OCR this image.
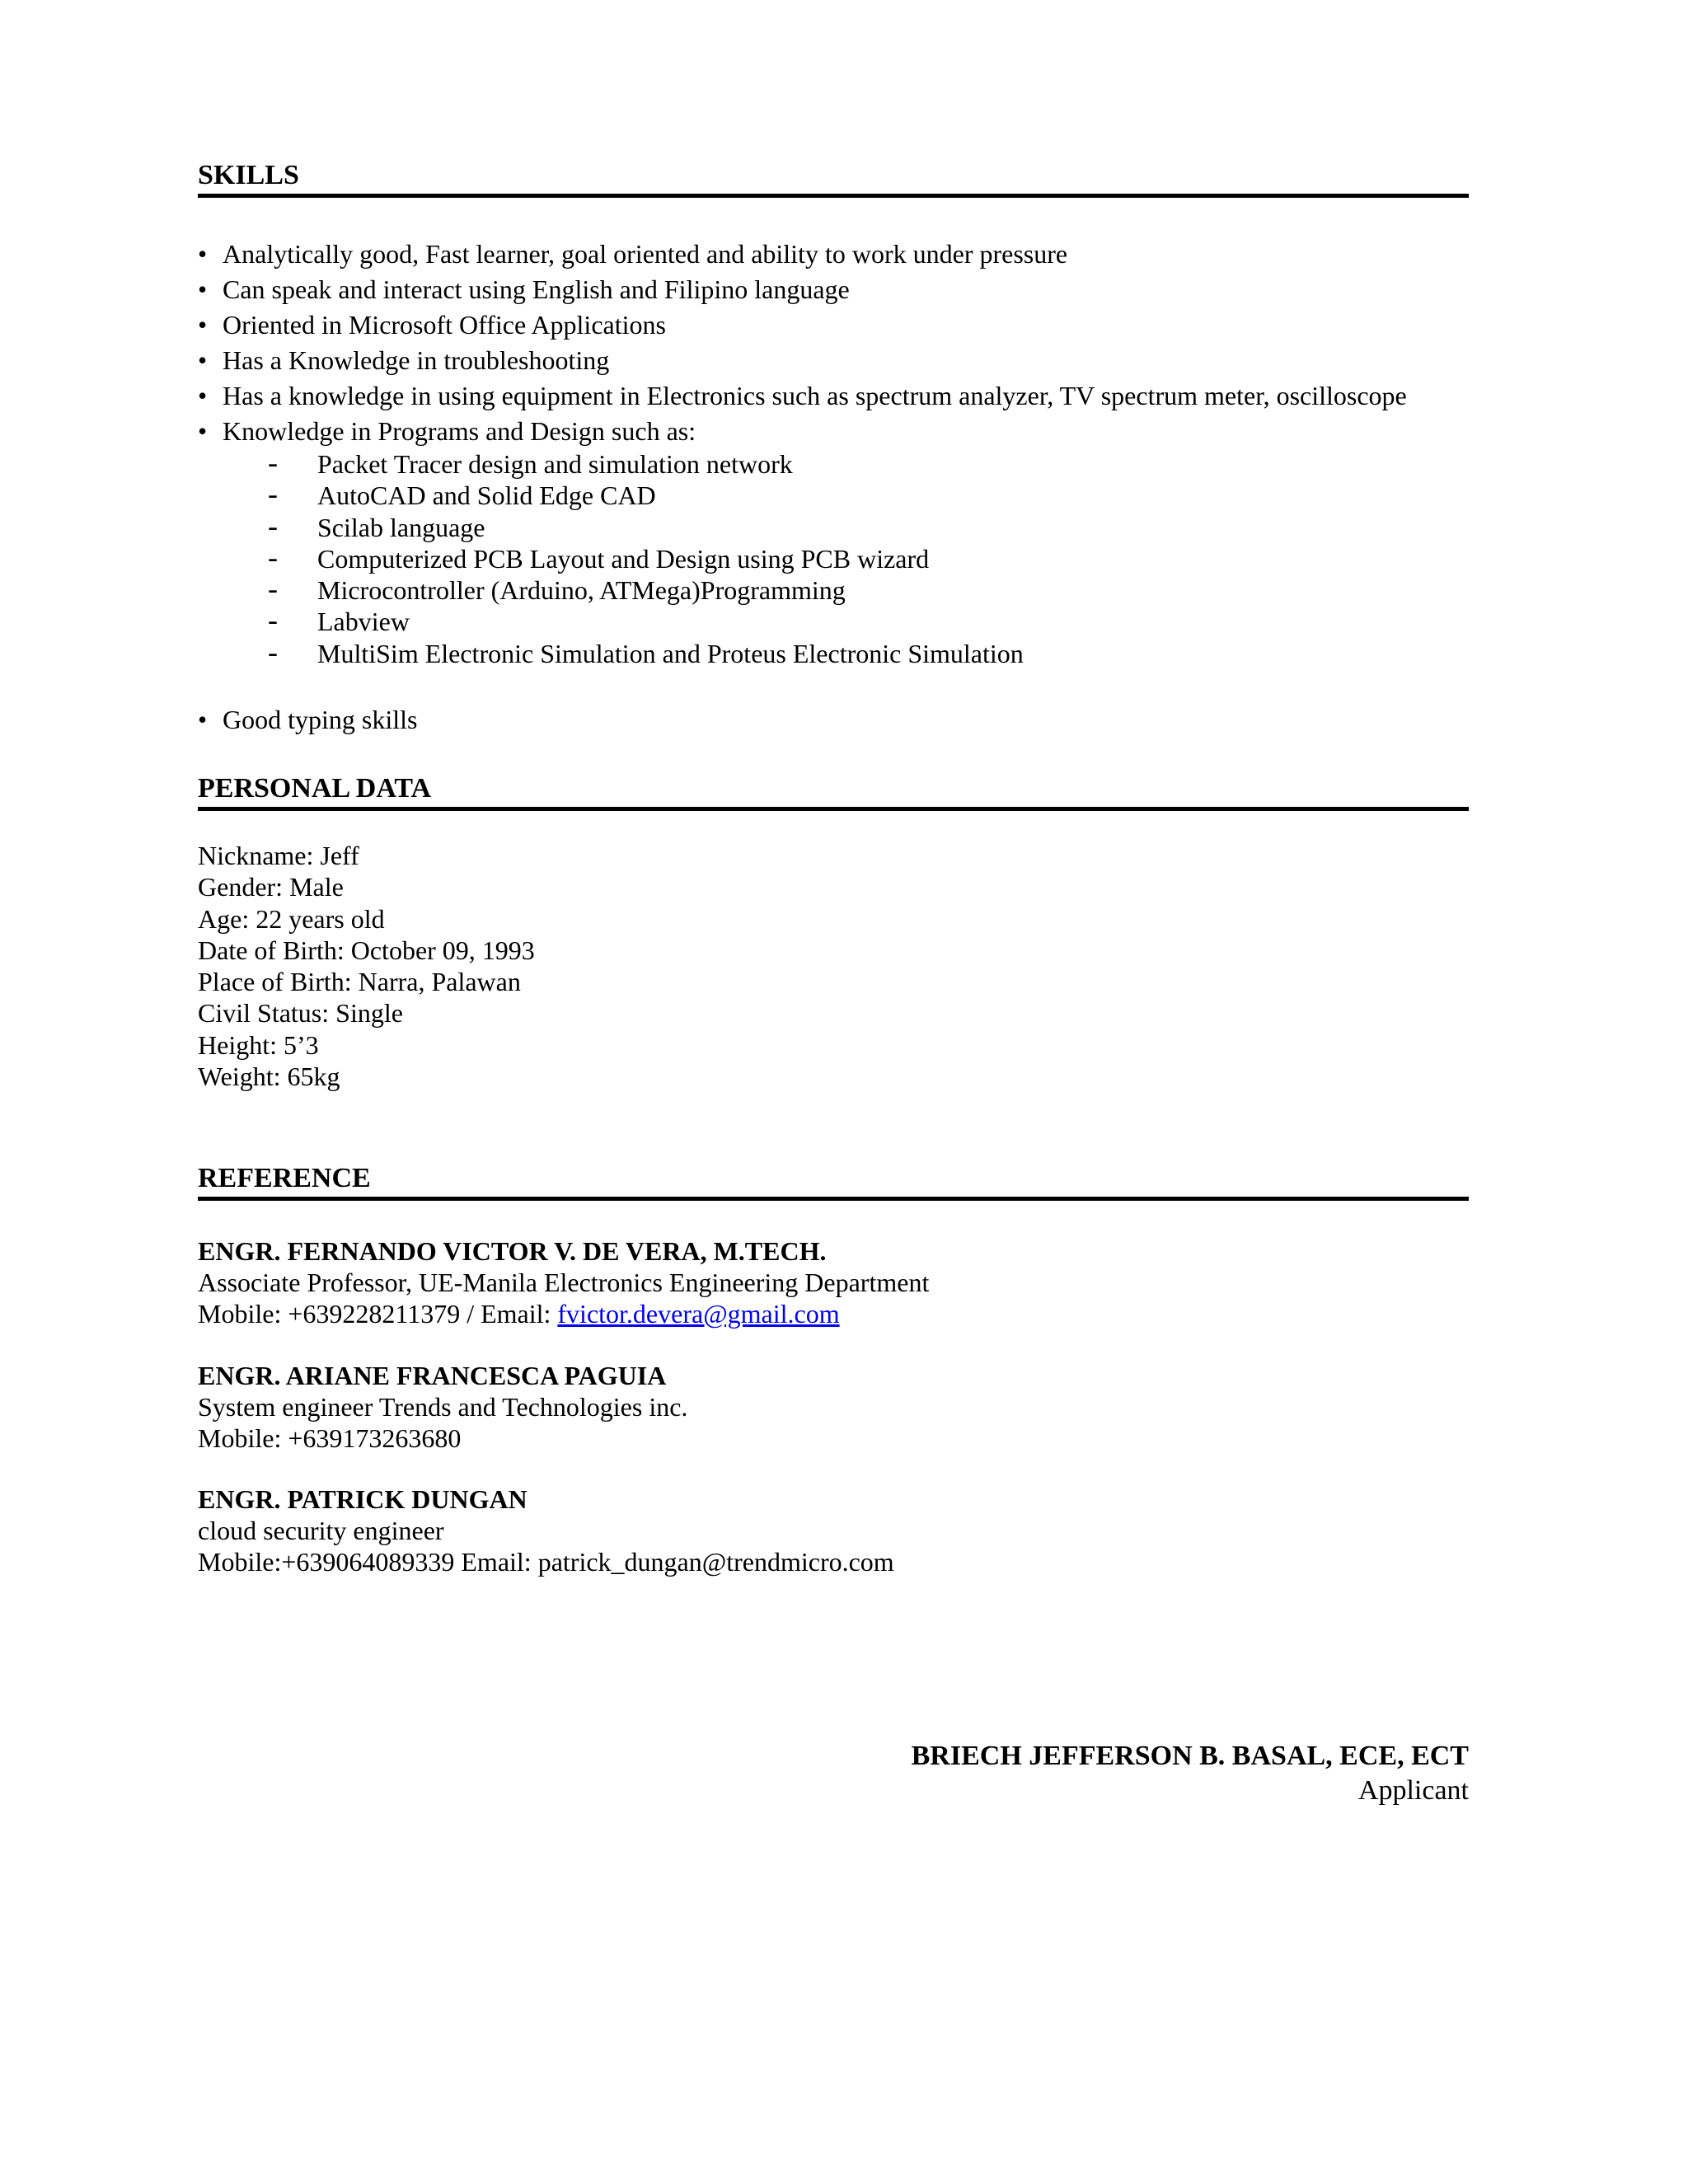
SKILLS
• Analytically good, Fast learner, goal oriented and ability to work under pressure
• Can speak and interact using English and Filipino language
• Oriented in Microsoft Office Applications
• Has a Knowledge in troubleshooting
• Has a knowledge in using equipment in Electronics such as spectrum analyzer, TV spectrum meter, oscilloscope
• Knowledge in Programs and Design such as:
- Packet Tracer design and simulation network
- AutoCAD and Solid Edge CAD
- Scilab language
- Computerized PCB Layout and Design using PCB wizard
- Microcontroller (Arduino, ATMega)Programming
- Labview
- MultiSim Electronic Simulation and Proteus Electronic Simulation
• Good typing skills
PERSONAL DATA
Nickname: Jeff
Gender: Male
Age: 22 years old
Date of Birth: October 09, 1993
Place of Birth: Narra, Palawan
Civil Status: Single
Height: 5’3
Weight: 65kg
REFERENCE
ENGR. FERNANDO VICTOR V. DE VERA, M.TECH.
Associate Professor, UE-Manila Electronics Engineering Department
Mobile: +639228211379 / Email: fvictor.devera@gmail.com
ENGR. ARIANE FRANCESCA PAGUIA
System engineer Trends and Technologies inc.
Mobile: +639173263680
ENGR. PATRICK DUNGAN
cloud security engineer
Mobile:+639064089339 Email: patrick_dungan@trendmicro.com
BRIECH JEFFERSON B. BASAL, ECE, ECT
Applicant
